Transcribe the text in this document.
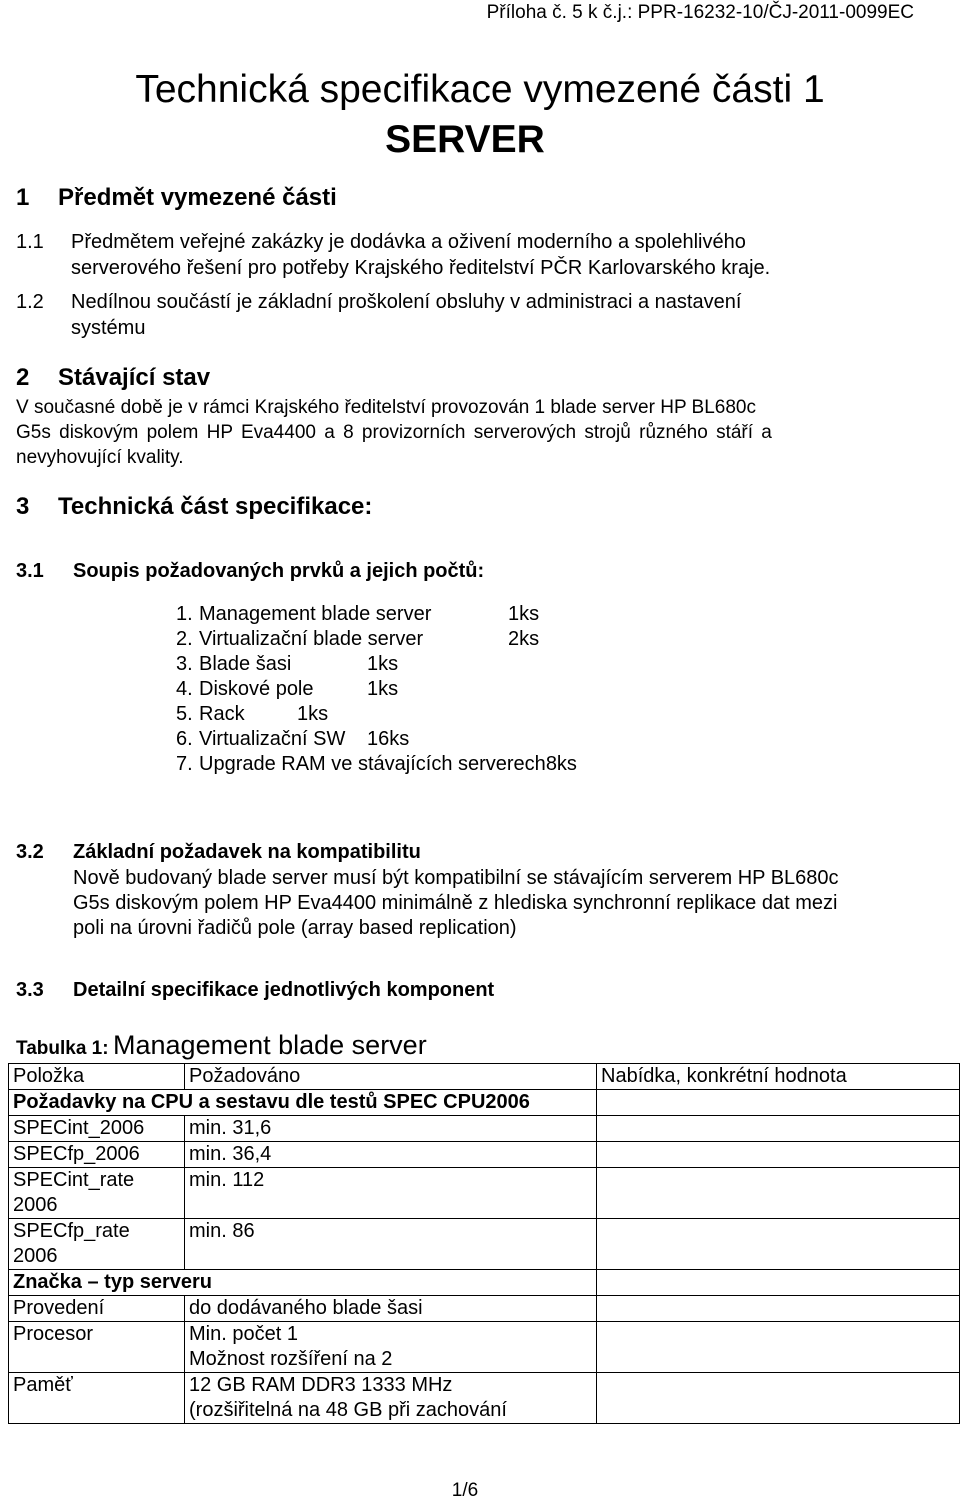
Příloha č. 5 k č.j.: PPR-16232-10/ČJ-2011-0099EC
Technická specifikace vymezené části 1
SERVER
1 Předmět vymezené části
1.1 Předmětem veřejné zakázky je dodávka a oživení moderního a spolehlivého
serverového řešení pro potřeby Krajského ředitelství PČR Karlovarského kraje.
1.2 Nedílnou součástí je základní proškolení obsluhy v administraci a nastavení
systému
2 Stávající stav
V současné době je v rámci Krajského ředitelství provozován 1 blade server HP BL680c
G5s diskovým polem HP Eva4400 a 8 provizorních serverových strojů různého stáří a
nevyhovující kvality.
3 Technická část specifikace:
3.1 Soupis požadovaných prvků a jejich počtů:
1. Management blade server	1ks
2. Virtualizační blade server	2ks
3. Blade šasi	1ks
4. Diskové pole	1ks
5. Rack	1ks
6. Virtualizační SW 16ks
7. Upgrade RAM ve stávajících serverech8ks
3.2 Základní požadavek na kompatibilitu
Nově budovaný blade server musí být kompatibilní se stávajícím serverem HP BL680c
G5s diskovým polem HP Eva4400 minimálně z hlediska synchronní replikace dat mezi
poli na úrovni řadičů pole (array based replication)
3.3 Detailní specifikace jednotlivých komponent
Tabulka 1: Management blade server
Položka	Požadováno	Nabídka, konkrétní hodnota
Požadavky na CPU a sestavu dle testů SPEC CPU2006		
SPECint_2006	min. 31,6	
SPECfp_2006	min. 36,4	

SPECint_rate
2006	min. 112	

SPECfp_rate
2006	min. 86	
Značka – typ serveru		
Provedení	do dodávaného blade šasi	
Procesor	Min. počet 1
Možnost rozšíření na 2	

Paměť	12 GB RAM DDR3 1333 MHz
(rozšiřitelná na 48 GB při zachování	

1/6
